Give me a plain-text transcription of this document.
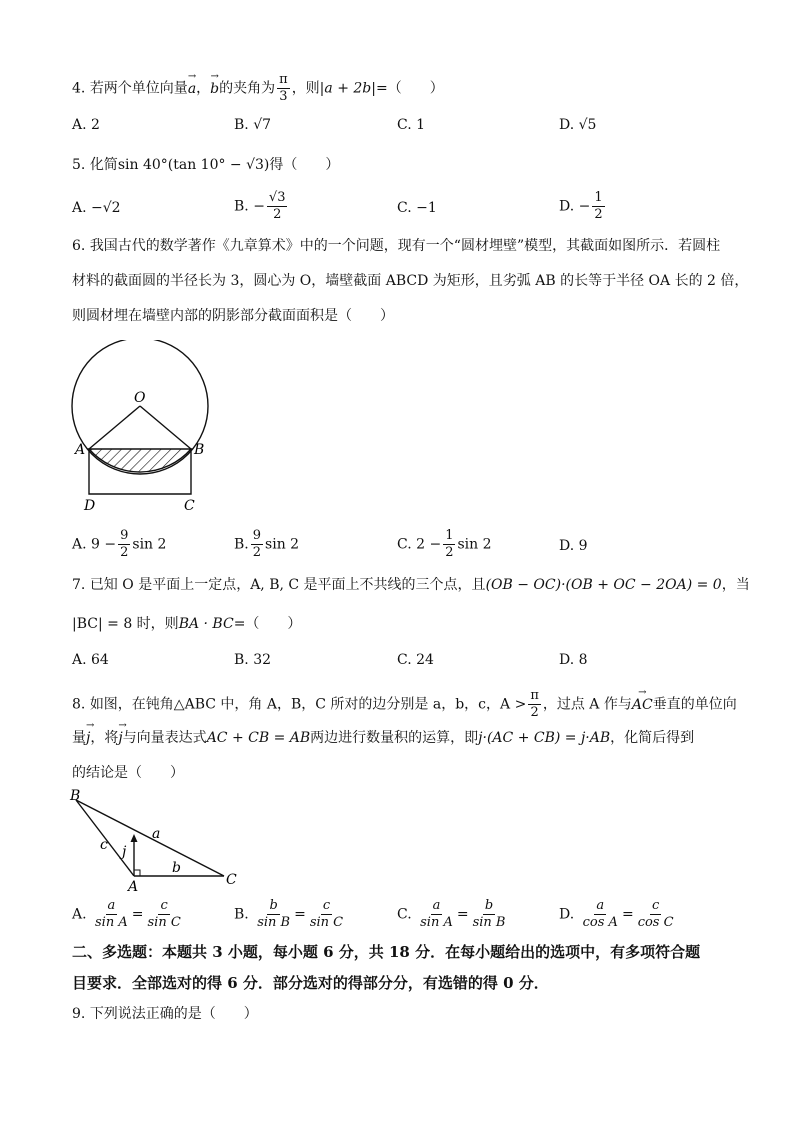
4. 若两个单位向量→ a，→ b的夹角为 $\frac{\pi}{3}$ ，则|a + 2b|=（　　）
A. 2	B. √7	C. 1	D. √5
5. 化简sin 40°(tan 10° − √3)得（　　）
A. −√2	B. − $\frac{√3}{2}$	C. −1	D. − $\frac{1}{2}$
6. 我国古代的数学著作《九章算术》中的一个问题，现有一个“圆材埋壁”模型，其截面如图所示．若圆柱
材料的截面圆的半径长为 3，圆心为 O，墙壁截面 ABCD 为矩形，且劣弧 AB 的长等于半径 OA 长的 2 倍，
则圆材埋在墙壁内部的阴影部分截面面积是（　　）
O
A	B
D	C
A. $9 - \frac{9}{2}$ sin 2	B. $\frac{9}{2}$ sin 2	C. $2 - \frac{1}{2}$ sin 2	D. 9
7. 已知 O 是平面上一定点，A, B, C 是平面上不共线的三个点，且(OB − OC)·(OB + OC − 2OA) = 0，当
|BC| = 8 时，则BA · BC=（　　）
A. 64	B. 32	C. 24	D. 8
8. 如图，在钝角△ABC 中，角 A，B，C 所对的边分别是 a，b，c，$A > \frac{\pi}{2}$ ，过点 A 作与→ AC垂直的单位向
量→ j，将→ j与向量表达式AC + CB = AB两边进行数量积的运算，即j·(AC + CB) = j·AB，化简后得到
的结论是（　　）
B
A	C
a
b
c j
A. $\frac{a}{\text{sin A}} = \frac{c}{\text{sin C}}$	B. $\frac{b}{\text{sin B}} = \frac{c}{\text{sin C}}$	C. $\frac{a}{\text{sin A}} = \frac{b}{\text{sin B}}$	D. $\frac{a}{\text{cos A}} = \frac{c}{\text{cos C}}$
二、多选题：本题共 3 小题，每小题 6 分，共 18 分．在每小题给出的选项中，有多项符合题
目要求．全部选对的得 6 分．部分选对的得部分分，有选错的得 0 分．
9. 下列说法正确的是（　　）
